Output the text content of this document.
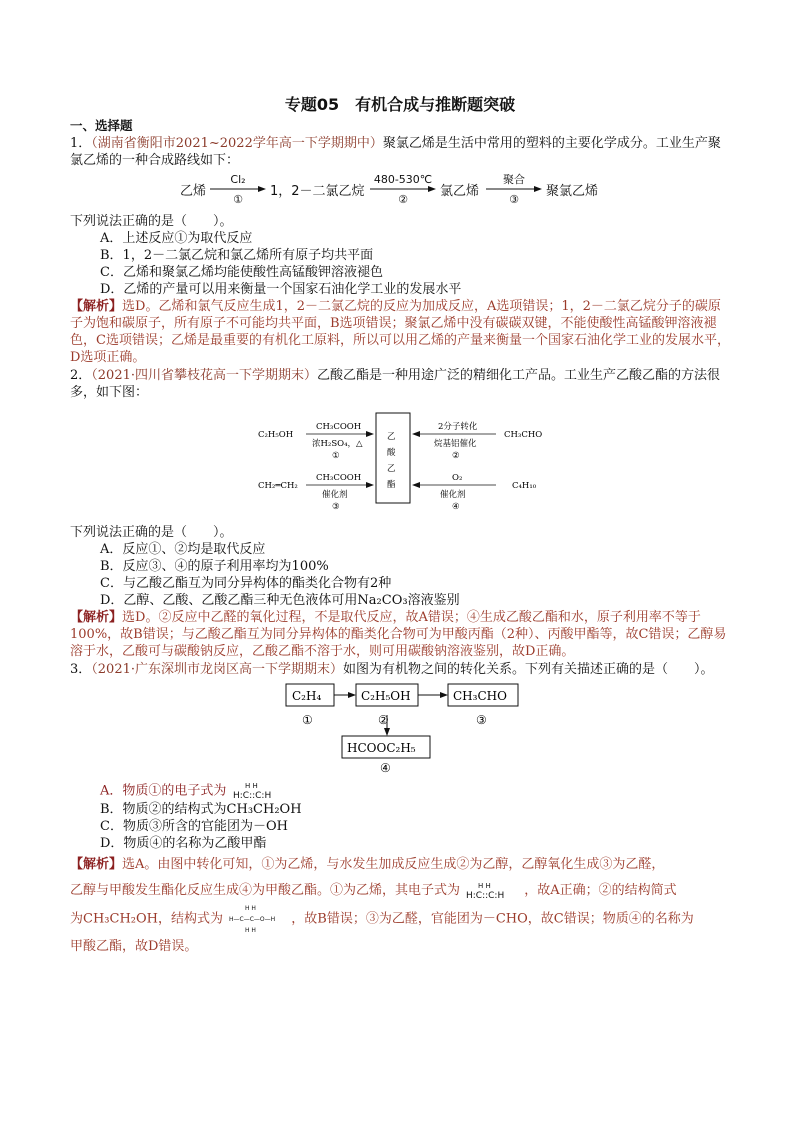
专题05　有机合成与推断题突破
一、选择题
1．（湖南省衡阳市2021~2022学年高一下学期期中）聚氯乙烯是生活中常用的塑料的主要化学成分。工业生产聚氯乙烯的一种合成路线如下：
乙烯
Cl₂
①
1，2－二氯乙烷
480-530℃
②
氯乙烯
聚合
③
聚氯乙烯
下列说法正确的是（　　）。
A．上述反应①为取代反应
B．1，2－二氯乙烷和氯乙烯所有原子均共平面
C．乙烯和聚氯乙烯均能使酸性高锰酸钾溶液褪色
D．乙烯的产量可以用来衡量一个国家石油化学工业的发展水平
【解析】选D。乙烯和氯气反应生成1，2－二氯乙烷的反应为加成反应，A选项错误；1，2－二氯乙烷分子的碳原子为饱和碳原子，所有原子不可能均共平面，B选项错误；聚氯乙烯中没有碳碳双键，不能使酸性高锰酸钾溶液褪色，C选项错误；乙烯是最重要的有机化工原料，所以可以用乙烯的产量来衡量一个国家石油化学工业的发展水平，D选项正确。
2．（2021·四川省攀枝花高一下学期期末）乙酸乙酯是一种用途广泛的精细化工产品。工业生产乙酸乙酯的方法很多，如下图：
C₂H₅OH
CH₃COOH
浓H₂SO₄，△
①
乙
酸
乙
酯
2分子转化
烷基铝催化
②
CH₃CHO
CH₂═CH₂
CH₃COOH
催化剂
③
O₂
催化剂
④
C₄H₁₀
下列说法正确的是（　　）。
A．反应①、②均是取代反应
B．反应③、④的原子利用率均为100%
C．与乙酸乙酯互为同分异构体的酯类化合物有2种
D．乙醇、乙酸、乙酸乙酯三种无色液体可用Na₂CO₃溶液鉴别
【解析】选D。②反应中乙醛的氧化过程，不是取代反应，故A错误；④生成乙酸乙酯和水，原子利用率不等于100%，故B错误；与乙酸乙酯互为同分异构体的酯类化合物可为甲酸丙酯（2种）、丙酸甲酯等，故C错误；乙醇易溶于水，乙酸可与碳酸钠反应，乙酸乙酯不溶于水，则可用碳酸钠溶液鉴别，故D正确。
3．（2021·广东深圳市龙岗区高一下学期期末）如图为有机物之间的转化关系。下列有关描述正确的是（　　）。
C₂H₄
①
C₂H₅OH
②
CH₃CHO
③
HCOOC₂H₅
④
A．物质①的电子式为 H:C::C:H
H H
B．物质②的结构式为CH₃CH₂OH
C．物质③所含的官能团为－OH
D．物质④的名称为乙酸甲酯
【解析】选A。由图中转化可知，①为乙烯，与水发生加成反应生成②为乙醇，乙醇氧化生成③为乙醛，
乙醇与甲酸发生酯化反应生成④为甲酸乙酯。①为乙烯，其电子式为 H:C::C:H
H H	，故A正确；②的结构简式
为CH₃CH₂OH，结构式为
H H
H—C—C—O—H
H H
，故B错误；③为乙醛，官能团为－CHO，故C错误；物质④的名称为
甲酸乙酯，故D错误。
